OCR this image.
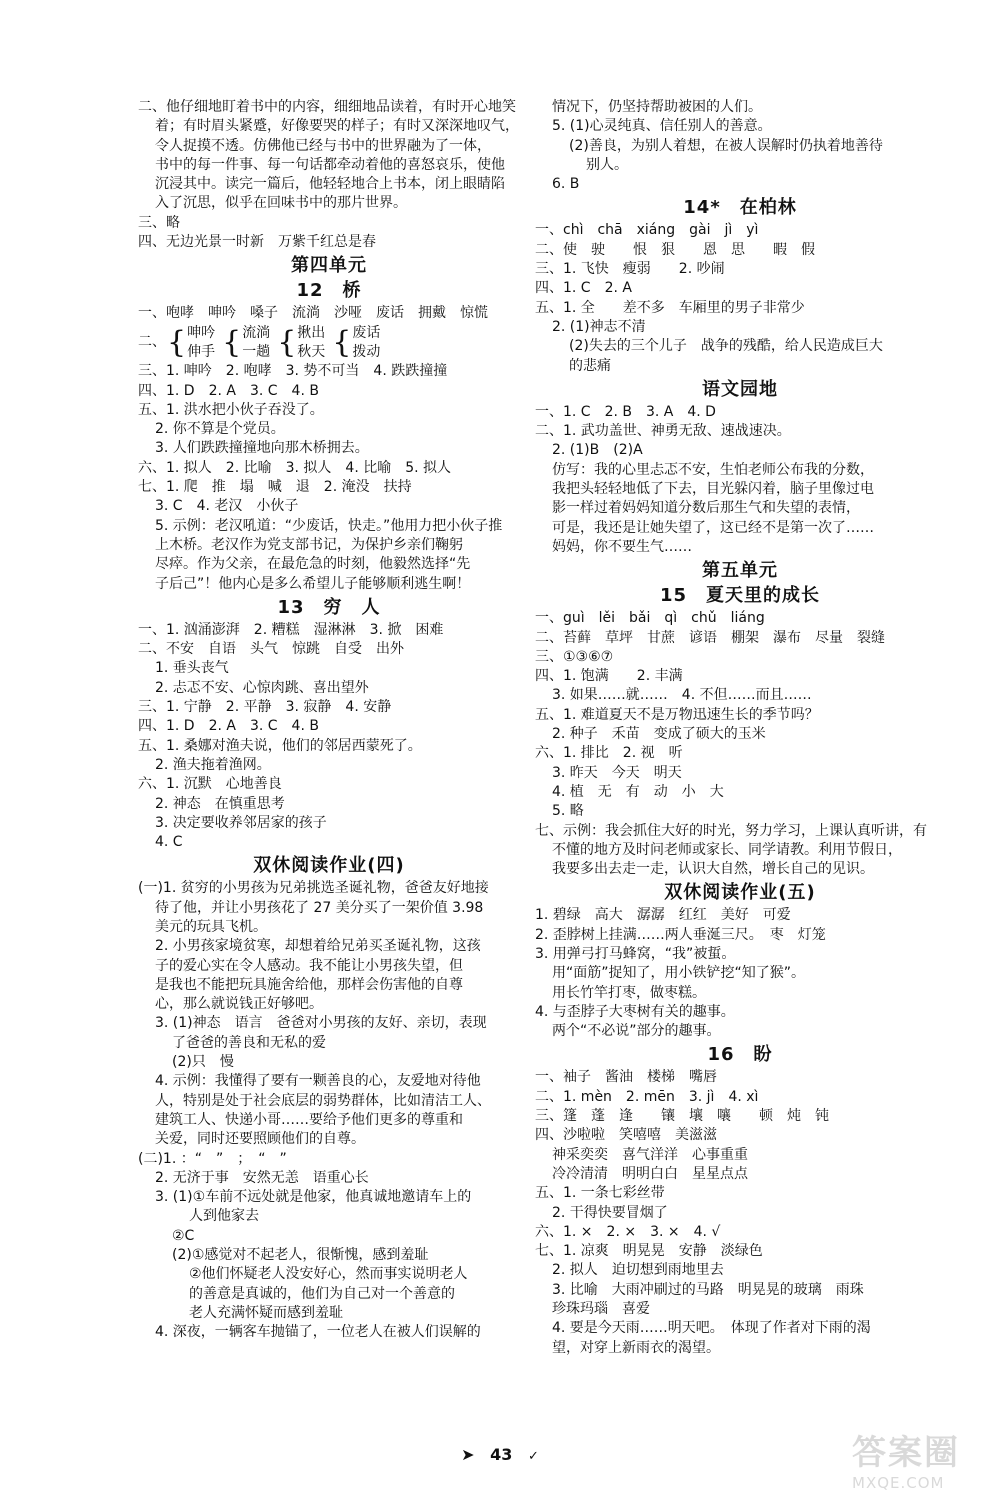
二、他仔细地盯着书中的内容，细细地品读着，有时开心地笑
着；有时眉头紧蹙，好像要哭的样子；有时又深深地叹气，
令人捉摸不透。仿佛他已经与书中的世界融为了一体，
书中的每一件事、每一句话都牵动着他的喜怒哀乐，使他
沉浸其中。读完一篇后，他轻轻地合上书本，闭上眼睛陷
入了沉思，似乎在回味书中的那片世界。
三、略
四、无边光景一时新　万紫千红总是春
第四单元
12　桥
一、咆哮　呻吟　嗓子　流淌　沙哑　废话　拥戴　惊慌
二、 { 呻吟
伸手 { 流淌
一趟 { 揪出
秋天 { 废话
拨动
三、1. 呻吟　2. 咆哮　3. 势不可当　4. 跌跌撞撞
四、1. D　2. A　3. C　4. B
五、1. 洪水把小伙子吞没了。
2. 你不算是个党员。
3. 人们跌跌撞撞地向那木桥拥去。
六、1. 拟人　2. 比喻　3. 拟人　4. 比喻　5. 拟人
七、1. 爬　推　塌　喊　退　2. 淹没　扶持
3. C　4. 老汉　小伙子
5. 示例：老汉吼道：“少废话，快走。”他用力把小伙子推
上木桥。老汉作为党支部书记，为保护乡亲们鞠躬
尽瘁。作为父亲，在最危急的时刻，他毅然选择“先
子后己”！他内心是多么希望儿子能够顺利逃生啊！
13　穷　人
一、1. 汹涌澎湃　2. 糟糕　湿淋淋　3. 掀　困难
二、不安　自语　头气　惊跳　自受　出外
1. 垂头丧气
2. 忐忑不安、心惊肉跳、喜出望外
三、1. 宁静　2. 平静　3. 寂静　4. 安静
四、1. D　2. A　3. C　4. B
五、1. 桑娜对渔夫说，他们的邻居西蒙死了。
2. 渔夫拖着渔网。
六、1. 沉默　心地善良
2. 神态　在慎重思考
3. 决定要收养邻居家的孩子
4. C
双休阅读作业(四)
(一)1. 贫穷的小男孩为兄弟挑选圣诞礼物，爸爸友好地接
待了他，并让小男孩花了 27 美分买了一架价值 3.98
美元的玩具飞机。
2. 小男孩家境贫寒，却想着给兄弟买圣诞礼物，这孩
子的爱心实在令人感动。我不能让小男孩失望，但
是我也不能把玩具施舍给他，那样会伤害他的自尊
心，那么就说钱正好够吧。
3. (1)神态　语言　爸爸对小男孩的友好、亲切，表现
了爸爸的善良和无私的爱
(2)只　慢
4. 示例：我懂得了要有一颗善良的心，友爱地对待他
人，特别是处于社会底层的弱势群体，比如清洁工人、
建筑工人、快递小哥……要给予他们更多的尊重和
关爱，同时还要照顾他们的自尊。
(二)1. ：“　”　；　“　”
2. 无济于事　安然无恙　语重心长
3. (1)①车前不远处就是他家，他真诚地邀请车上的
人到他家去
②C
(2)①感觉对不起老人，很惭愧，感到羞耻
②他们怀疑老人没安好心，然而事实说明老人
的善意是真诚的，他们为自己对一个善意的
老人充满怀疑而感到羞耻
4. 深夜，一辆客车抛锚了，一位老人在被人们误解的
情况下，仍坚持帮助被困的人们。
5. (1)心灵纯真、信任别人的善意。
(2)善良，为别人着想，在被人误解时仍执着地善待
别人。
6. B
14*　在柏林
一、chì　chā　xiáng　gài　jì　yì
二、使　驶　　恨　狠　　恩　思　　暇　假
三、1. 飞快　瘦弱　　2. 吵闹
四、1. C　2. A
五、1. 全　　差不多　车厢里的男子非常少
2. (1)神志不清
(2)失去的三个儿子　战争的残酷，给人民造成巨大
的悲痛
语文园地
一、1. C　2. B　3. A　4. D
二、1. 武功盖世、神勇无敌、速战速决。
2. (1)B　(2)A
仿写：我的心里忐忑不安，生怕老师公布我的分数，
我把头轻轻地低了下去，目光躲闪着，脑子里像过电
影一样过着妈妈知道分数后那生气和失望的表情，
可是，我还是让她失望了，这已经不是第一次了……
妈妈，你不要生气……
第五单元
15　夏天里的成长
一、guì　lěi　bǎi　qì　chǔ　liáng
二、苔藓　草坪　甘蔗　谚语　棚架　瀑布　尽量　裂缝
三、①③⑥⑦
四、1. 饱满　　2. 丰满
3. 如果……就……　4. 不但……而且……
五、1. 难道夏天不是万物迅速生长的季节吗？
2. 种子　禾苗　变成了硕大的玉米
六、1. 排比　2. 视　听
3. 昨天　今天　明天
4. 植　无　有　动　小　大
5. 略
七、示例：我会抓住大好的时光，努力学习，上课认真听讲，有
不懂的地方及时问老师或家长、同学请教。利用节假日，
我要多出去走一走，认识大自然，增长自己的见识。
双休阅读作业(五)
1. 碧绿　高大　潺潺　红红　美好　可爱
2. 歪脖树上挂满……两人垂涎三尺。　枣　灯笼
3. 用弹弓打马蜂窝，“我”被蜇。
用“面筋”捉知了，用小铁铲挖“知了猴”。
用长竹竿打枣，做枣糕。
4. 与歪脖子大枣树有关的趣事。
两个“不必说”部分的趣事。
16　盼
一、袖子　酱油　楼梯　嘴唇
二、1. mèn　2. mēn　3. jì　4. xì
三、篷　蓬　逢　　镶　壤　嚷　　顿　炖　钝
四、沙啦啦　笑嘻嘻　美滋滋
神采奕奕　喜气洋洋　心事重重
冷冷清清　明明白白　星星点点
五、1. 一条七彩丝带
2. 干得快要冒烟了
六、1. ×　2. ×　3. ×　4. √
七、1. 凉爽　明晃晃　安静　淡绿色
2. 拟人　迫切想到雨地里去
3. 比喻　大雨冲刷过的马路　明晃晃的玻璃　雨珠
珍珠玛瑙　喜爱
4. 要是今天雨……明天吧。　体现了作者对下雨的渴
望，对穿上新雨衣的渴望。
➤ 43 ✓	答案圈
MXQE.COM
